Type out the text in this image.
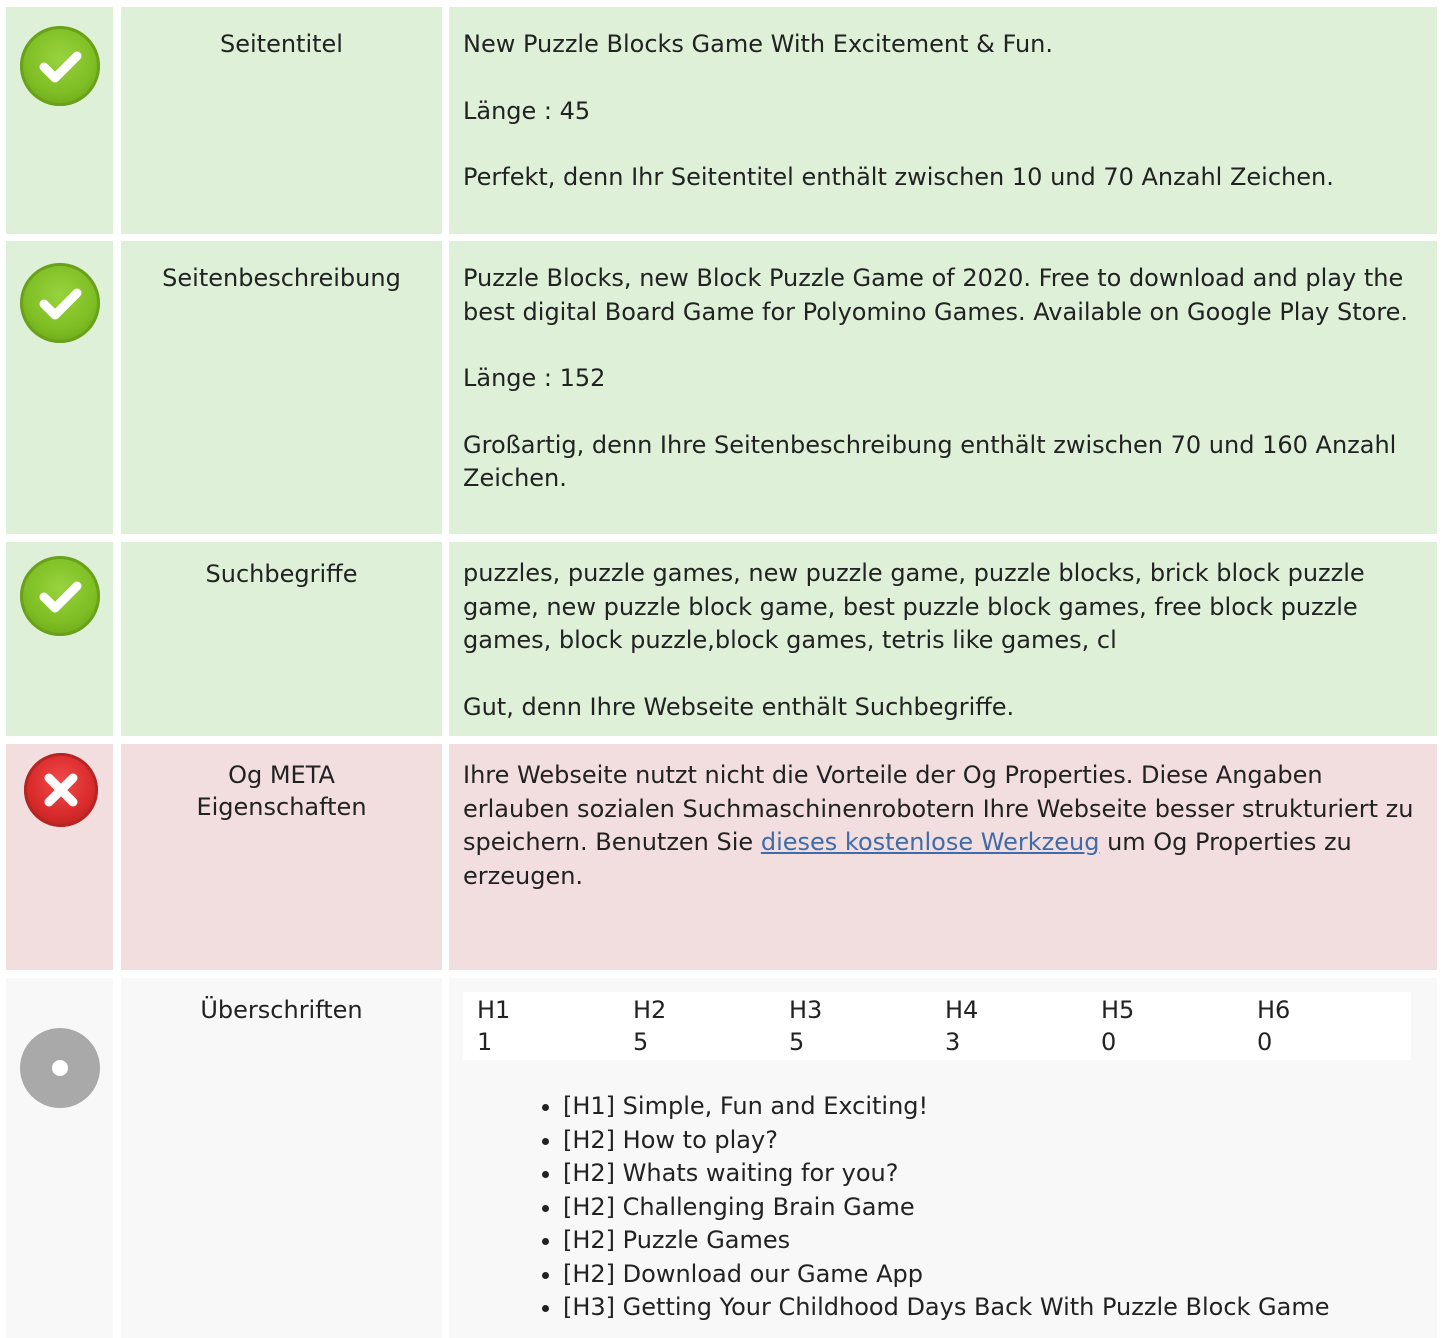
Seitentitel	New Puzzle Blocks Game With Excitement & Fun.

Länge : 45

Perfekt, denn Ihr Seitentitel enthält zwischen 10 und 70 Anzahl Zeichen.

Seitenbeschreibung	Puzzle Blocks, new Block Puzzle Game of 2020. Free to download and play the best digital Board Game for Polyomino Games. Available on Google Play Store.

Länge : 152

Großartig, denn Ihre Seitenbeschreibung enthält zwischen 70 und 160 Anzahl Zeichen.

Suchbegriffe	puzzles, puzzle games, new puzzle game, puzzle blocks, brick block puzzle game, new puzzle block game, best puzzle block games, free block puzzle games, block puzzle,block games, tetris like games, cl

Gut, denn Ihre Webseite enthält Suchbegriffe.

Og META
Eigenschaften

Ihre Webseite nutzt nicht die Vorteile der Og Properties. Diese Angaben erlauben sozialen Suchmaschinenrobotern Ihre Webseite besser strukturiert zu speichern. Benutzen Sie dieses kostenlose Werkzeug um Og Properties zu erzeugen.

Überschriften	H1	H2	H3	H4	H5	H6
1	5	5	3	0	0
• [H1] Simple, Fun and Exciting!
• [H2] How to play?
• [H2] Whats waiting for you?
• [H2] Challenging Brain Game
• [H2] Puzzle Games
• [H2] Download our Game App
• [H3] Getting Your Childhood Days Back With Puzzle Block Game
